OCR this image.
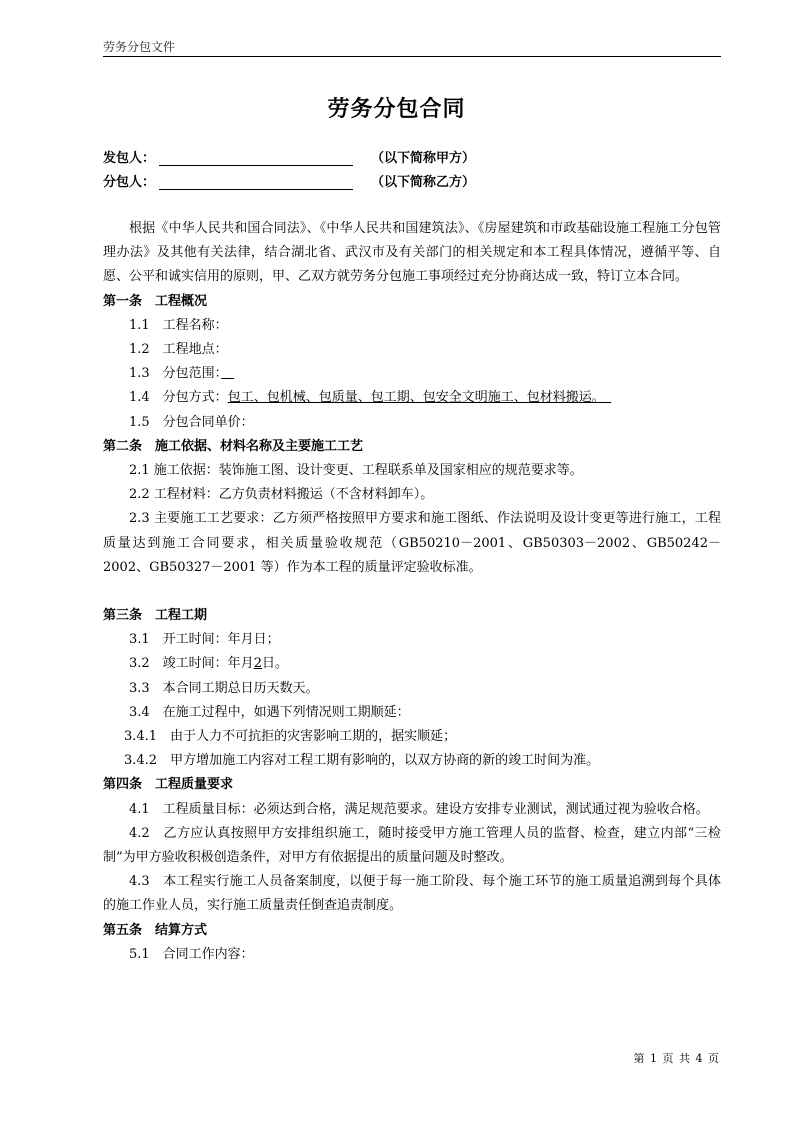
劳务分包文件
劳务分包合同
发包人：	（以下简称甲方）
分包人：	（以下简称乙方）

根据《中华人民共和国合同法》、《中华人民共和国建筑法》、《房屋建筑和市政基础设施工程施工分包管理办法》及其他有关法律，结合湖北省、武汉市及有关部门的相关规定和本工程具体情况，遵循平等、自愿、公平和诚实信用的原则，甲、乙双方就劳务分包施工事项经过充分协商达成一致，特订立本合同。

第一条　工程概况

1.1　工程名称：

1.2　工程地点：

1.3　分包范围：　

1.4　分包方式：包工、包机械、包质量、包工期、包安全文明施工、包材料搬运。　

1.5　分包合同单价：

第二条　施工依据、材料名称及主要施工工艺

2.1 施工依据：装饰施工图、设计变更、工程联系单及国家相应的规范要求等。

2.2 工程材料：乙方负责材料搬运（不含材料卸车）。

2.3 主要施工工艺要求：乙方须严格按照甲方要求和施工图纸、作法说明及设计变更等进行施工，工程质量达到施工合同要求，相关质量验收规范（GB50210－2001、GB50303－2002、GB50242－2002、GB50327－2001 等）作为本工程的质量评定验收标准。

第三条　工程工期

3.1　开工时间：年月日；

3.2　竣工时间：年月2日。

3.3　本合同工期总日历天数天。

3.4　在施工过程中，如遇下列情况则工期顺延：

3.4.1　由于人力不可抗拒的灾害影响工期的，据实顺延；

3.4.2　甲方增加施工内容对工程工期有影响的，以双方协商的新的竣工时间为准。

第四条　工程质量要求

4.1　工程质量目标：必须达到合格，满足规范要求。建设方安排专业测试，测试通过视为验收合格。

4.2　乙方应认真按照甲方安排组织施工，随时接受甲方施工管理人员的监督、检查，建立内部“三检制”为甲方验收积极创造条件，对甲方有依据提出的质量问题及时整改。

4.3　本工程实行施工人员备案制度，以便于每一施工阶段、每个施工环节的施工质量追溯到每个具体的施工作业人员，实行施工质量责任倒查追责制度。

第五条　结算方式

5.1　合同工作内容：

第 1 页 共 4 页
